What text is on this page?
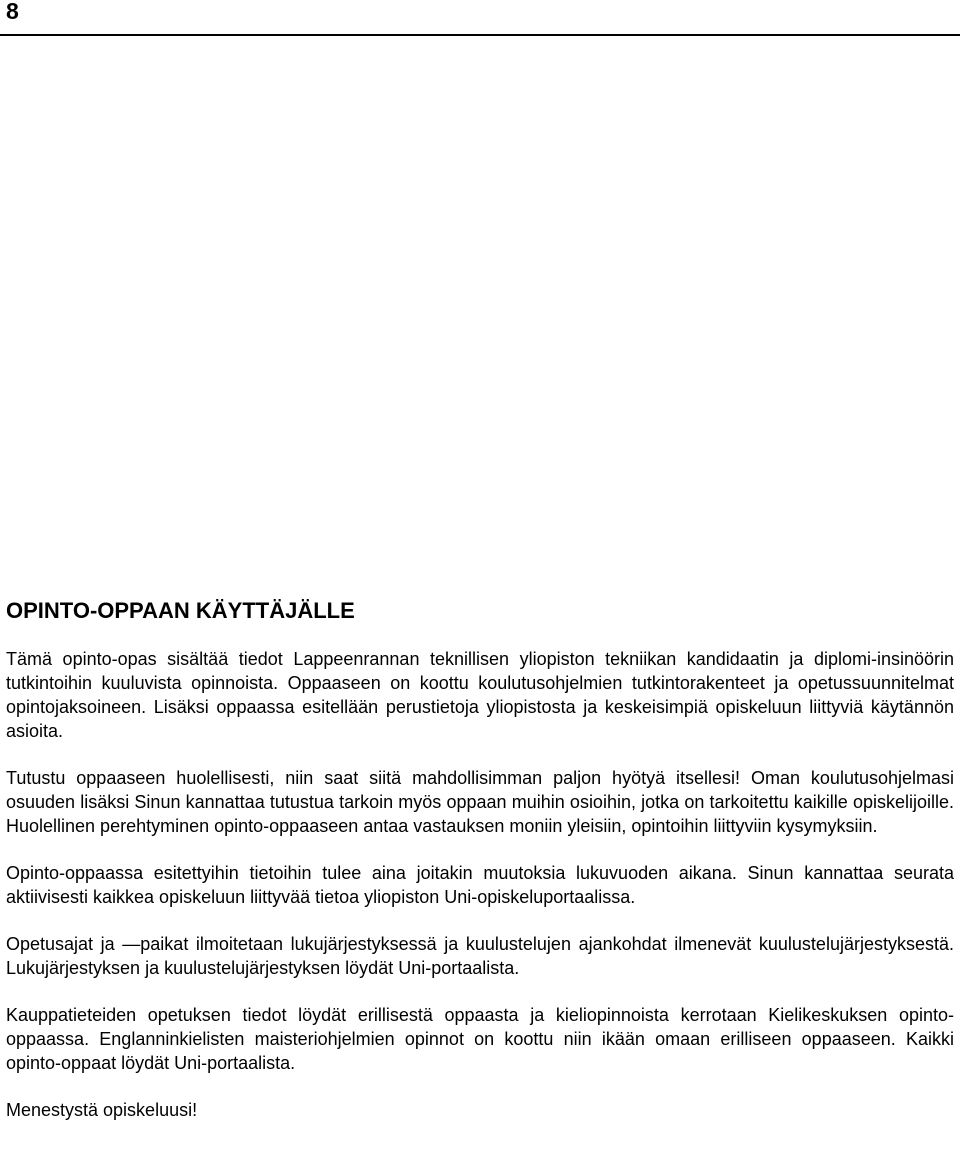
8
OPINTO-OPPAAN KÄYTTÄJÄLLE

Tämä opinto-opas sisältää tiedot Lappeenrannan teknillisen yliopiston tekniikan kandidaatin ja diplomi-insinöörin tutkintoihin kuuluvista opinnoista. Oppaaseen on koottu koulutusohjelmien tutkintorakenteet ja opetussuunnitelmat opintojaksoineen. Lisäksi oppaassa esitellään perustietoja yliopistosta ja keskeisimpiä opiskeluun liittyviä käytännön asioita.

Tutustu oppaaseen huolellisesti, niin saat siitä mahdollisimman paljon hyötyä itsellesi! Oman koulutusohjelmasi osuuden lisäksi Sinun kannattaa tutustua tarkoin myös oppaan muihin osioihin, jotka on tarkoitettu kaikille opiskelijoille. Huolellinen perehtyminen opinto-oppaaseen antaa vastauksen moniin yleisiin, opintoihin liittyviin kysymyksiin.

Opinto-oppaassa esitettyihin tietoihin tulee aina joitakin muutoksia lukuvuoden aikana. Sinun kannattaa seurata aktiivisesti kaikkea opiskeluun liittyvää tietoa yliopiston Uni-opiskeluportaalissa.

Opetusajat ja —paikat ilmoitetaan lukujärjestyksessä ja kuulustelujen ajankohdat ilmenevät kuulustelujärjestyksestä. Lukujärjestyksen ja kuulustelujärjestyksen löydät Uni-portaalista.

Kauppatieteiden opetuksen tiedot löydät erillisestä oppaasta ja kieliopinnoista kerrotaan Kielikeskuksen opinto-oppaassa. Englanninkielisten maisteriohjelmien opinnot on koottu niin ikään omaan erilliseen oppaaseen. Kaikki opinto-oppaat löydät Uni-portaalista.

Menestystä opiskeluusi!
